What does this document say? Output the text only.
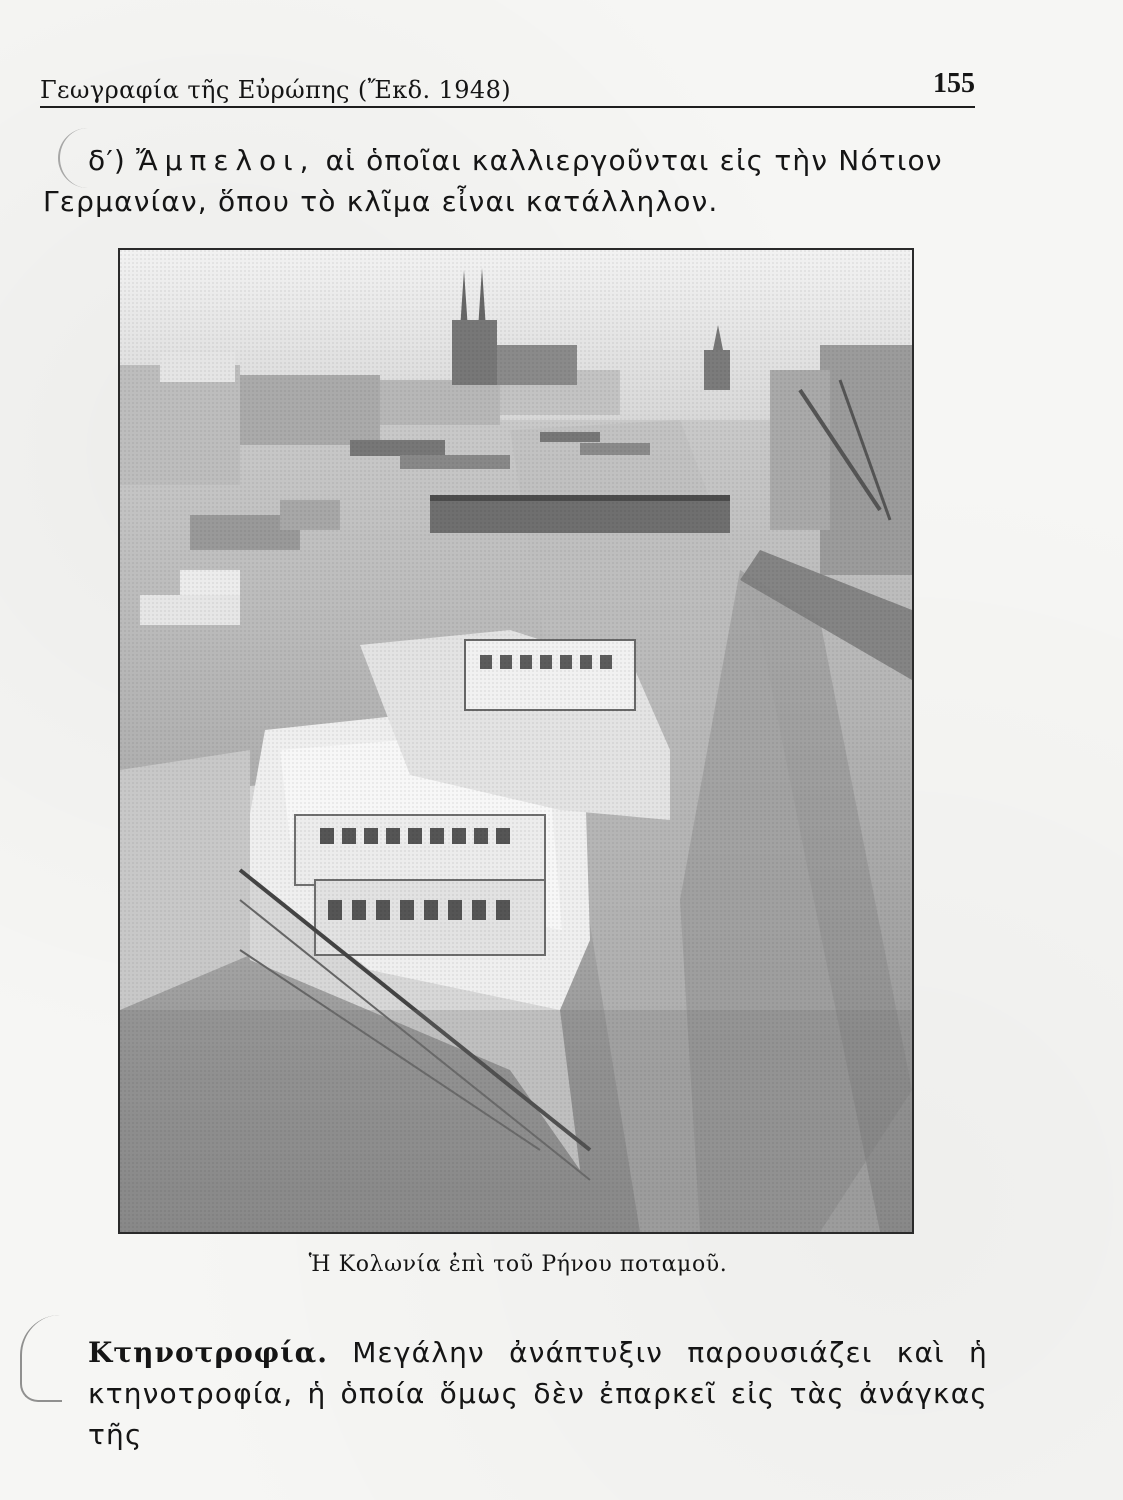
Γεωγραφία τῆς Εὐρώπης (Ἔκδ. 1948)	155
δ′) Ἄμπελοι, αἱ ὁποῖαι καλλιεργοῦνται εἰς τὴν Νότιον Γερμανίαν, ὅπου τὸ κλῖμα εἶναι κατάλληλον.
Ἡ Κολωνία ἐπὶ τοῦ Ρήνου ποταμοῦ.
Κτηνοτροφία. Μεγάλην ἀνάπτυξιν παρουσιάζει καὶ ἡ
κτηνοτροφία, ἡ ὁποία ὅμως δὲν ἐπαρκεῖ εἰς τὰς ἀνάγκας τῆς
